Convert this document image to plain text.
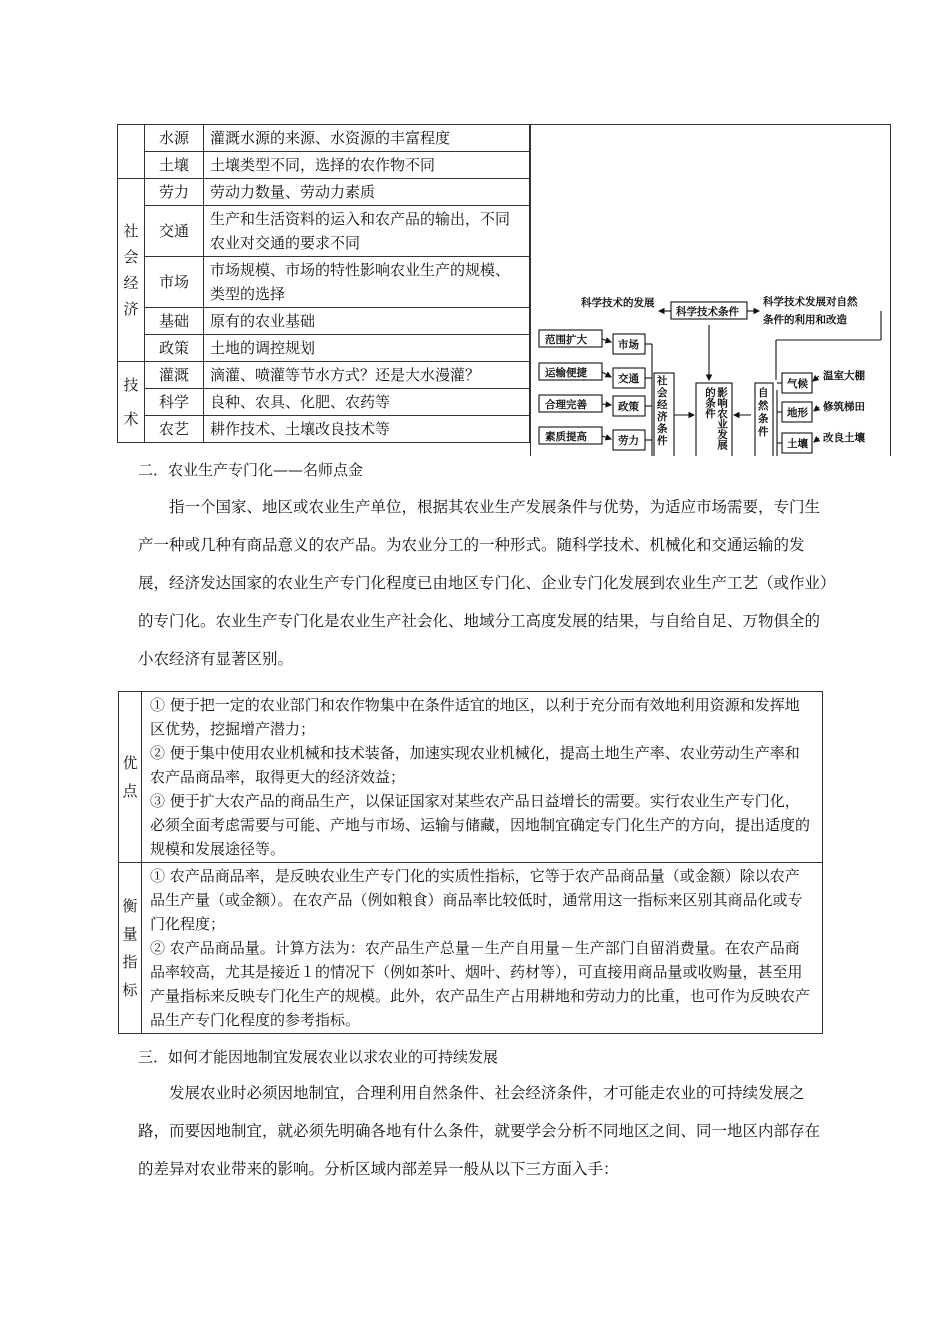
	水源	灌溉水源的来源、水资源的丰富程度
	土壤	土壤类型不同，选择的农作物不同

社会经济	劳力	劳动力数量、劳动力素质
	交通	生产和生活资料的运入和农产品的输出，不同农业对交通的要求不同
	市场	市场规模、市场的特性影响农业生产的规模、类型的选择
	基础	原有的农业基础
	政策	土地的调控规划

技术	灌溉	滴灌、喷灌等节水方式？还是大水漫灌？
	科学	良种、农具、化肥、农药等
	农艺	耕作技术、土壤改良技术等
科学技术的发展
科学技术条件
科学技术发展对自然
条件的利用和改造
范围扩大
运输便捷
合理完善
素质提高
市场
交通
政策
劳力
气候
地形
土壤
温室大棚
修筑梯田
改良土壤
社会经济条件	影响农业发展的条件	自然条件
二．农业生产专门化——名师点金
指一个国家、地区或农业生产单位，根据其农业生产发展条件与优势，为适应市场需要，专门生产一种或几种有商品意义的农产品。为农业分工的一种形式。随科学技术、机械化和交通运输的发展，经济发达国家的农业生产专门化程度已由地区专门化、企业专门化发展到农业生产工艺（或作业）的专门化。农业生产专门化是农业生产社会化、地域分工高度发展的结果，与自给自足、万物俱全的小农经济有显著区别。
优点	① 便于把一定的农业部门和农作物集中在条件适宜的地区，以利于充分而有效地利用资源和发挥地区优势，挖掘增产潜力；
② 便于集中使用农业机械和技术装备，加速实现农业机械化，提高土地生产率、农业劳动生产率和农产品商品率，取得更大的经济效益；
③ 便于扩大农产品的商品生产，以保证国家对某些农产品日益增长的需要。实行农业生产专门化，必须全面考虑需要与可能、产地与市场、运输与储藏，因地制宜确定专门化生产的方向，提出适度的规模和发展途径等。

衡量指标	① 农产品商品率，是反映农业生产专门化的实质性指标，它等于农产品商品量（或金额）除以农产品生产量（或金额）。在农产品（例如粮食）商品率比较低时，通常用这一指标来区别其商品化或专门化程度；
② 农产品商品量。计算方法为：农产品生产总量－生产自用量－生产部门自留消费量。在农产品商品率较高，尤其是接近１的情况下（例如茶叶、烟叶、药材等），可直接用商品量或收购量，甚至用产量指标来反映专门化生产的规模。此外，农产品生产占用耕地和劳动力的比重，也可作为反映农产品生产专门化程度的参考指标。
三．如何才能因地制宜发展农业以求农业的可持续发展
发展农业时必须因地制宜，合理利用自然条件、社会经济条件，才可能走农业的可持续发展之路，而要因地制宜，就必须先明确各地有什么条件，就要学会分析不同地区之间、同一地区内部存在的差异对农业带来的影响。分析区域内部差异一般从以下三方面入手：
